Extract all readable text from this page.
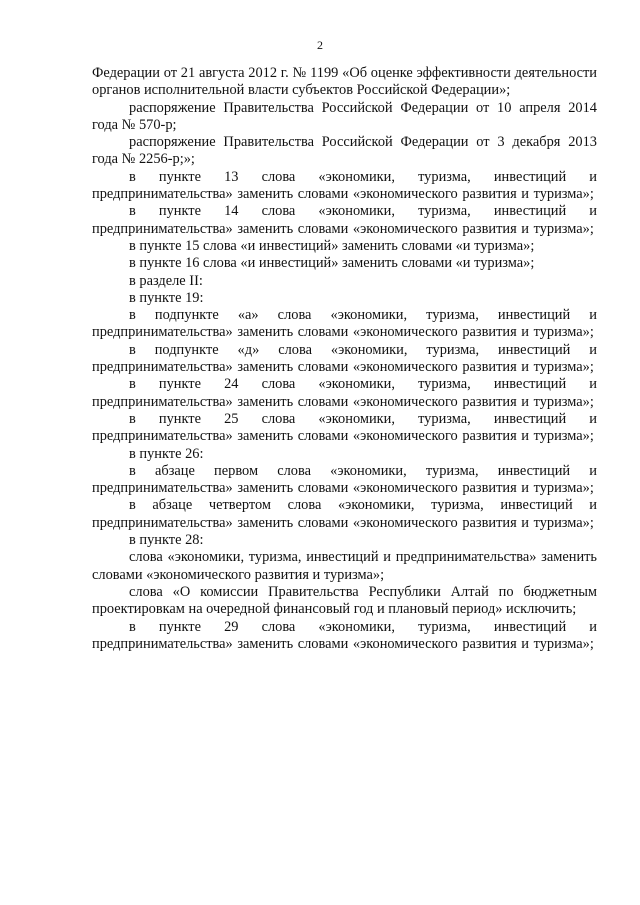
2

Федерации от 21 августа 2012 г. № 1199 «Об оценке эффективности деятельности органов исполнительной власти субъектов Российской Федерации»;

распоряжение Правительства Российской Федерации от 10 апреля 2014 года № 570-р;

распоряжение Правительства Российской Федерации от 3 декабря 2013 года № 2256-р;»;

в пункте 13 слова «экономики, туризма, инвестиций и предпринимательства» заменить словами «экономического развития и туризма»;

в пункте 14 слова «экономики, туризма, инвестиций и предпринимательства» заменить словами «экономического развития и туризма»;

в пункте 15 слова «и инвестиций» заменить словами «и туризма»;

в пункте 16 слова «и инвестиций» заменить словами «и туризма»;

в разделе II:

в пункте 19:

в подпункте «а» слова «экономики, туризма, инвестиций и предпринимательства» заменить словами «экономического развития и туризма»;

в подпункте «д» слова «экономики, туризма, инвестиций и предпринимательства» заменить словами «экономического развития и туризма»;

в пункте 24 слова «экономики, туризма, инвестиций и предпринимательства» заменить словами «экономического развития и туризма»;

в пункте 25 слова «экономики, туризма, инвестиций и предпринимательства» заменить словами «экономического развития и туризма»;

в пункте 26:

в абзаце первом слова «экономики, туризма, инвестиций и предпринимательства» заменить словами «экономического развития и туризма»;

в абзаце четвертом слова «экономики, туризма, инвестиций и предпринимательства» заменить словами «экономического развития и туризма»;

в пункте 28:

слова «экономики, туризма, инвестиций и предпринимательства» заменить словами «экономического развития и туризма»;

слова «О комиссии Правительства Республики Алтай по бюджетным проектировкам на очередной финансовый год и плановый период» исключить;

в пункте 29 слова «экономики, туризма, инвестиций и предпринимательства» заменить словами «экономического развития и туризма»;
